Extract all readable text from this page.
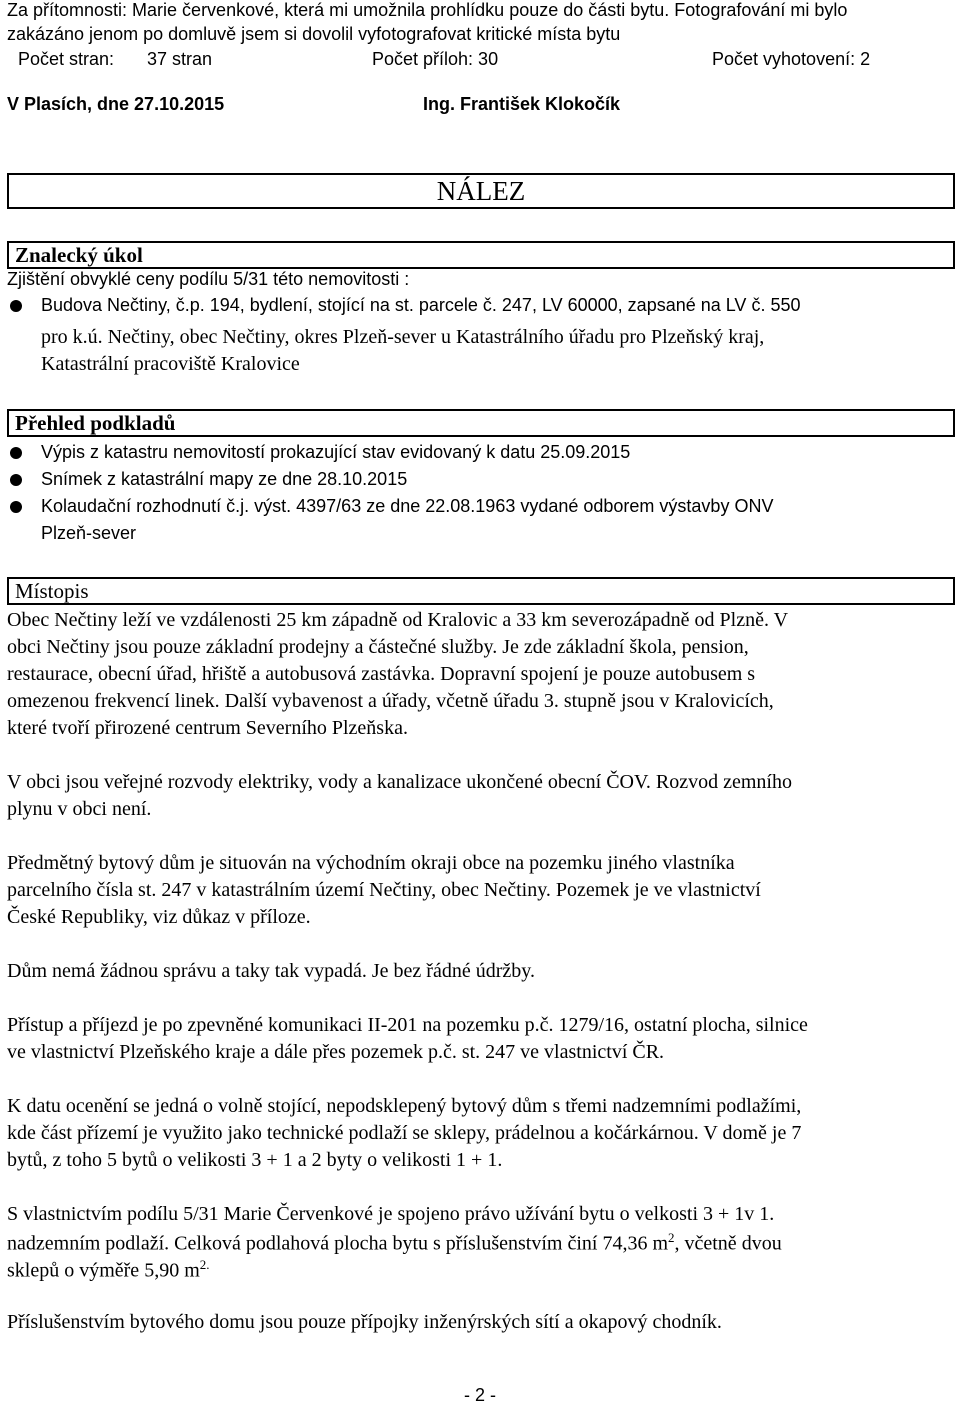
Za přítomnosti: Marie červenkové, která mi umožnila prohlídku pouze do části bytu. Fotografování mi bylo
zakázáno jenom po domluvě jsem si dovolil vyfotografovat kritické místa bytu
Počet stran: 37 stran	Počet příloh: 30	Počet vyhotovení: 2
V Plasích, dne 27.10.2015	Ing. František Klokočík
NÁLEZ
Znalecký úkol
Zjištění obvyklé ceny podílu 5/31 této nemovitosti :
Budova Nečtiny, č.p. 194, bydlení, stojící na st. parcele č. 247, LV 60000, zapsané na LV č. 550
pro k.ú. Nečtiny, obec Nečtiny, okres Plzeň-sever u Katastrálního úřadu pro Plzeňský kraj,
Katastrální pracoviště Kralovice
Přehled podkladů
Výpis z katastru nemovitostí prokazující stav evidovaný k datu 25.09.2015
Snímek z katastrální mapy ze dne 28.10.2015
Kolaudační rozhodnutí č.j. výst. 4397/63 ze dne 22.08.1963 vydané odborem výstavby ONV
Plzeň-sever
Místopis
Obec Nečtiny leží ve vzdálenosti 25 km západně od Kralovic a 33 km severozápadně od Plzně. V
obci Nečtiny jsou pouze základní prodejny a částečné služby. Je zde základní škola, pension,
restaurace, obecní úřad, hřiště a autobusová zastávka. Dopravní spojení je pouze autobusem s
omezenou frekvencí linek. Další vybavenost a úřady, včetně úřadu 3. stupně jsou v Kralovicích,
které tvoří přirozené centrum Severního Plzeňska.
V obci jsou veřejné rozvody elektriky, vody a kanalizace ukončené obecní ČOV. Rozvod zemního
plynu v obci není.
Předmětný bytový dům je situován na východním okraji obce na pozemku jiného vlastníka
parcelního čísla st. 247 v katastrálním území Nečtiny, obec Nečtiny. Pozemek je ve vlastnictví
České Republiky, viz důkaz v příloze.
Dům nemá žádnou správu a taky tak vypadá. Je bez řádné údržby.
Přístup a příjezd je po zpevněné komunikaci II-201 na pozemku p.č. 1279/16, ostatní plocha, silnice
ve vlastnictví Plzeňského kraje a dále přes pozemek p.č. st. 247 ve vlastnictví ČR.
K datu ocenění se jedná o volně stojící, nepodsklepený bytový dům s třemi nadzemními podlažími,
kde část přízemí je využito jako technické podlaží se sklepy, prádelnou a kočárkárnou. V domě je 7
bytů, z toho 5 bytů o velikosti 3 + 1 a 2 byty o velikosti 1 + 1.
S vlastnictvím podílu 5/31 Marie Červenkové je spojeno právo užívání bytu o velkosti 3 + 1v 1.
nadzemním podlaží. Celková podlahová plocha bytu s příslušenstvím činí 74,36 $m^2$, včetně dvou
sklepů o výměře 5,90 $m^{2.}$
Příslušenstvím bytového domu jsou pouze přípojky inženýrských sítí a okapový chodník.
- 2 -
